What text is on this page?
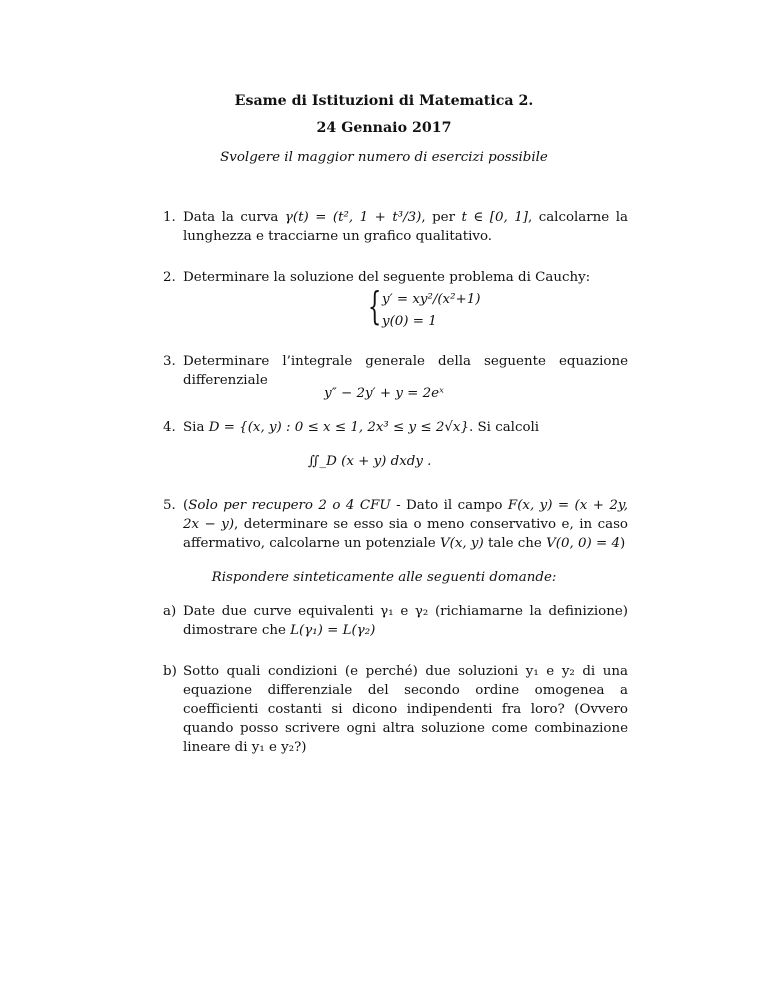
Esame di Istituzioni di Matematica 2.
24 Gennaio 2017
Svolgere il maggior numero di esercizi possibile
1. Data la curva γ(t) = (t², 1 + t³/3), per t ∈ [0, 1], calcolarne la lunghezza e tracciarne un grafico qualitativo.
2. Determinare la soluzione del seguente problema di Cauchy:
{ y′ = xy²/(x²+1)
y(0) = 1
3. Determinare l’integrale generale della seguente equazione differenziale
y″ − 2y′ + y = 2eˣ
4. Sia D = {(x, y) : 0 ≤ x ≤ 1, 2x³ ≤ y ≤ 2√x}. Si calcoli
∬_D (x + y) dxdy .
5. (Solo per recupero 2 o 4 CFU - Dato il campo F(x, y) = (x + 2y, 2x − y), determinare se esso sia o meno conservativo e, in caso affermativo, calcolarne un potenziale V(x, y) tale che V(0, 0) = 4)
Rispondere sinteticamente alle seguenti domande:
a) Date due curve equivalenti γ₁ e γ₂ (richiamarne la definizione) dimostrare che L(γ₁) = L(γ₂)
b) Sotto quali condizioni (e perché) due soluzioni y₁ e y₂ di una equazione differenziale del secondo ordine omogenea a coefficienti costanti si dicono indipendenti fra loro? (Ovvero quando posso scrivere ogni altra soluzione come combinazione lineare di y₁ e y₂?)
